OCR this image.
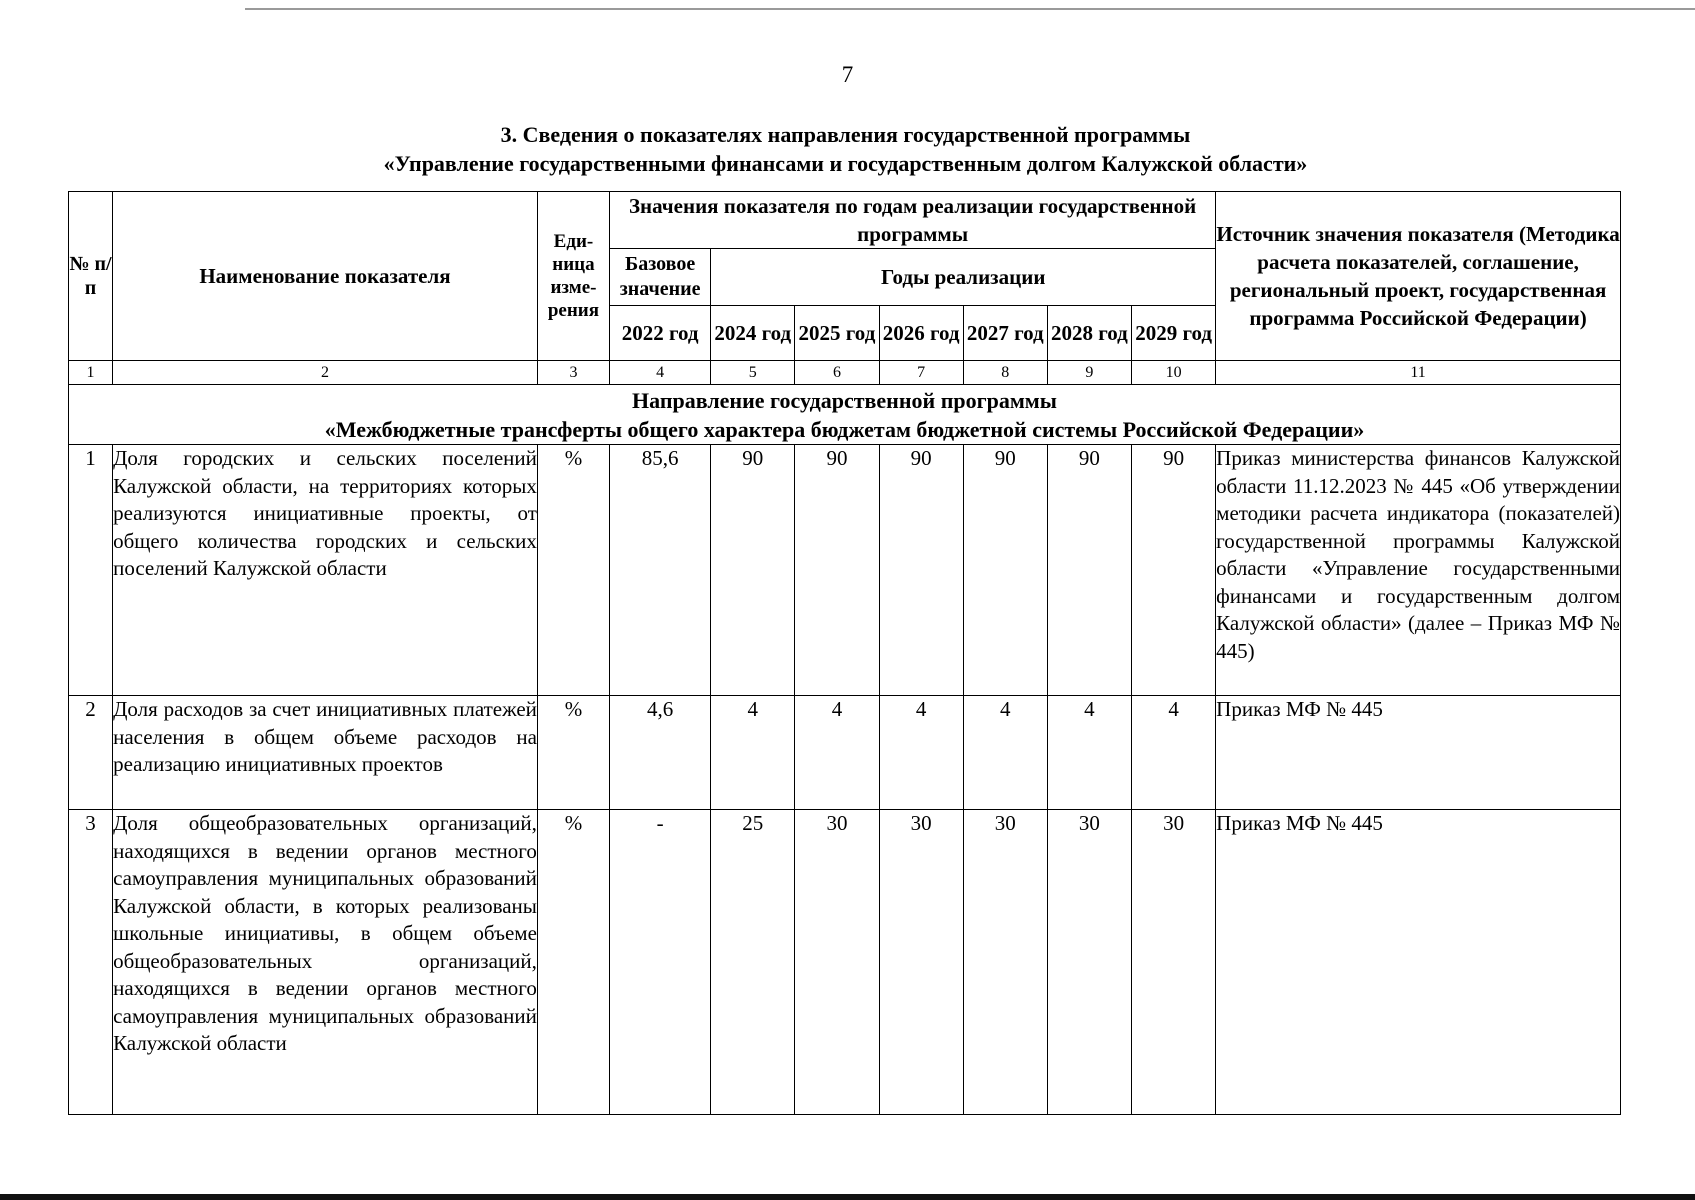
7
3. Сведения о показателях направления государственной программы
«Управление государственными финансами и государственным долгом Калужской области»
№ п/п	Наименование показателя	Еди- ница изме- рения	Значения показателя по годам реализации государственной программы							Источник значения показателя (Методика расчета показателей, соглашение, региональный проект, государственная программа Российской Федерации)
			Базовое значение	Годы реализации						
			2022 год	2024 год	2025 год	2026 год	2027 год	2028 год	2029 год	
1	2	3	4	5	6	7	8	9	10	11

Направление государственной программы
«Межбюджетные трансферты общего характера бюджетам бюджетной системы Российской Федерации»										

1	Доля городских и сельских поселений Калужской области, на территориях которых реализуются инициативные проекты, от общего количества городских и сельских поселений Калужской области	%	85,6	90	90	90	90	90	90	Приказ министерства финансов Калужской области 11.12.2023 № 445 «Об утверждении методики расчета индикатора (показателей) государственной программы Калужской области «Управление государственными финансами и государственным долгом Калужской области» (далее – Приказ МФ № 445)
2	Доля расходов за счет инициативных платежей населения в общем объеме расходов на реализацию инициативных проектов	%	4,6	4	4	4	4	4	4	Приказ МФ № 445
3	Доля общеобразовательных организаций, находящихся в ведении органов местного самоуправления муниципальных образований Калужской области, в которых реализованы школьные инициативы, в общем объеме общеобразовательных организаций, находящихся в ведении органов местного самоуправления муниципальных образований Калужской области	%	-	25	30	30	30	30	30	Приказ МФ № 445
